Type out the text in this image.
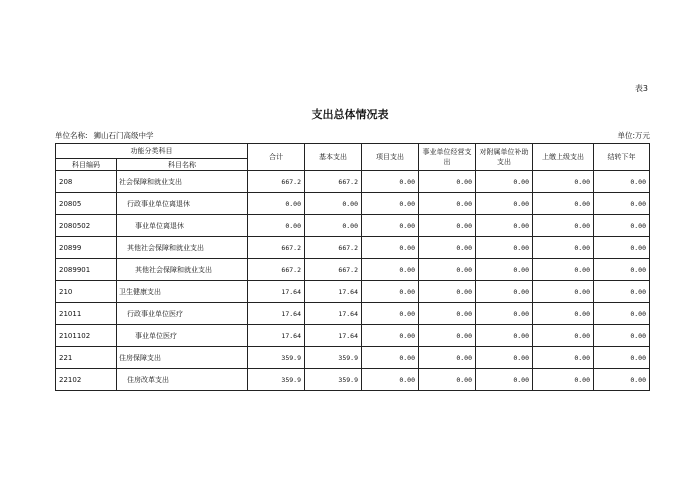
表3
支出总体情况表
单位名称: 狮山石门高级中学	单位:万元
功能分类科目		合计	基本支出	项目支出	事业单位经营支出	对附属单位补助支出	上缴上级支出	结转下年
科目编码	科目名称							
208	社会保障和就业支出	667.2	667.2	0.00	0.00	0.00	0.00	0.00
20805	行政事业单位离退休	0.00	0.00	0.00	0.00	0.00	0.00	0.00
2080502	事业单位离退休	0.00	0.00	0.00	0.00	0.00	0.00	0.00
20899	其他社会保障和就业支出	667.2	667.2	0.00	0.00	0.00	0.00	0.00
2089901	其他社会保障和就业支出	667.2	667.2	0.00	0.00	0.00	0.00	0.00
210	卫生健康支出	17.64	17.64	0.00	0.00	0.00	0.00	0.00
21011	行政事业单位医疗	17.64	17.64	0.00	0.00	0.00	0.00	0.00
2101102	事业单位医疗	17.64	17.64	0.00	0.00	0.00	0.00	0.00
221	住房保障支出	359.9	359.9	0.00	0.00	0.00	0.00	0.00
22102	住房改革支出	359.9	359.9	0.00	0.00	0.00	0.00	0.00
